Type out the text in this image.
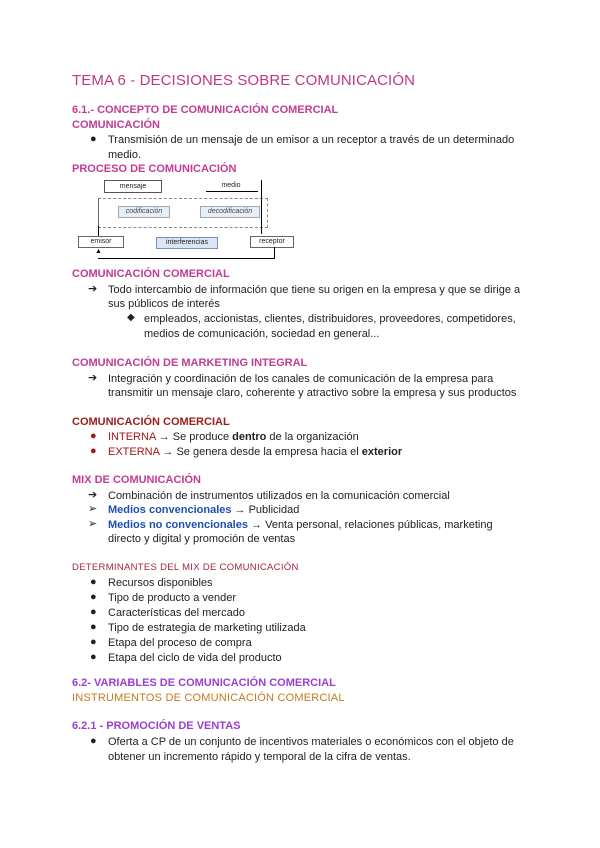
TEMA 6 - DECISIONES SOBRE COMUNICACIÓN
6.1.- CONCEPTO DE COMUNICACIÓN COMERCIAL
COMUNICACIÓN
● Transmisión de un mensaje de un emisor a un receptor a través de un determinado
medio.
PROCESO DE COMUNICACIÓN
mensaje	medio
codificación	decodificación
emisor	interferencias	receptor
▲
COMUNICACIÓN COMERCIAL
➔ Todo intercambio de información que tiene su origen en la empresa y que se dirige a
sus públicos de interés
◆ empleados, accionistas, clientes, distribuidores, proveedores, competidores,
medios de comunicación, sociedad en general...
COMUNICACIÓN DE MARKETING INTEGRAL
➔ Integración y coordinación de los canales de comunicación de la empresa para
transmitir un mensaje claro, coherente y atractivo sobre la empresa y sus productos
COMUNICACIÓN COMERCIAL
● INTERNA → Se produce dentro de la organización
● EXTERNA → Se genera desde la empresa hacia el exterior
MIX DE COMUNICACIÓN
➔ Combinación de instrumentos utilizados en la comunicación comercial
➢ Medios convencionales → Publicidad
➢ Medios no convencionales → Venta personal, relaciones públicas, marketing
directo y digital y promoción de ventas
DETERMINANTES DEL MIX DE COMUNICACIÓN
● Recursos disponibles
● Tipo de producto a vender
● Características del mercado
● Tipo de estrategia de marketing utilizada
● Etapa del proceso de compra
● Etapa del ciclo de vida del producto
6.2- VARIABLES DE COMUNICACIÓN COMERCIAL
INSTRUMENTOS DE COMUNICACIÓN COMERCIAL
6.2.1 - PROMOCIÓN DE VENTAS
● Oferta a CP de un conjunto de incentivos materiales o económicos con el objeto de
obtener un incremento rápido y temporal de la cifra de ventas.
